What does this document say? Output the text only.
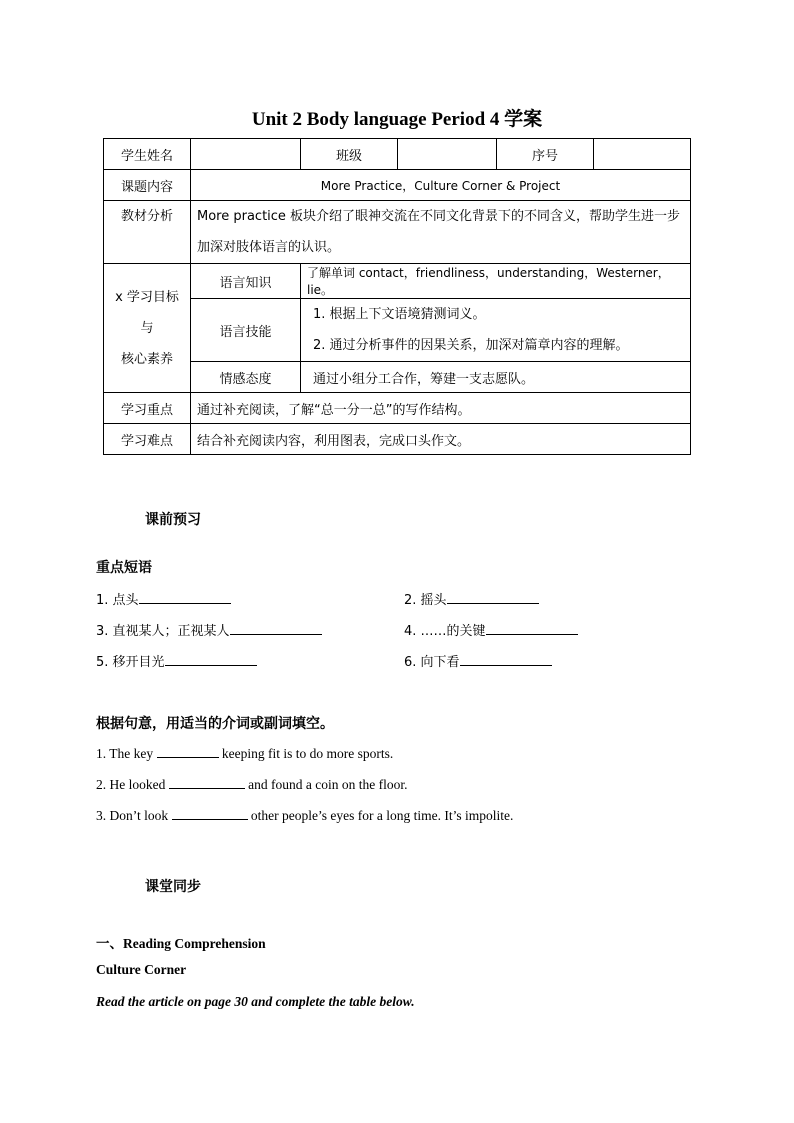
Unit 2 Body language Period 4 学案
学生姓名		班级		序号	
课题内容	More Practice，Culture Corner & Project				
教材分析	More practice 板块介绍了眼神交流在不同文化背景下的不同含义，帮助学生进一步加深对肢体语言的认识。				

x 学习目标
与
核心素养	语言知识	了解单词 contact，friendliness，understanding，Westerner，lie。			
	语言技能	1. 根据上下文语境猜测词义。
2. 通过分析事件的因果关系，加深对篇章内容的理解。			

	情感态度	通过小组分工合作，筹建一支志愿队。			
学习重点	通过补充阅读，了解“总一分一总”的写作结构。				
学习难点	结合补充阅读内容，利用图表，完成口头作文。				
课前预习
重点短语
1. 点头	2. 摇头
3. 直视某人；正视某人	4. ……的关键
5. 移开目光	6. 向下看
根据句意，用适当的介词或副词填空。
1. The key	keeping fit is to do more sports.
2. He looked	and found a coin on the floor.
3. Don’t look	other people’s eyes for a long time. It’s impolite.
课堂同步
一、Reading Comprehension
Culture Corner
Read the article on page 30 and complete the table below.
